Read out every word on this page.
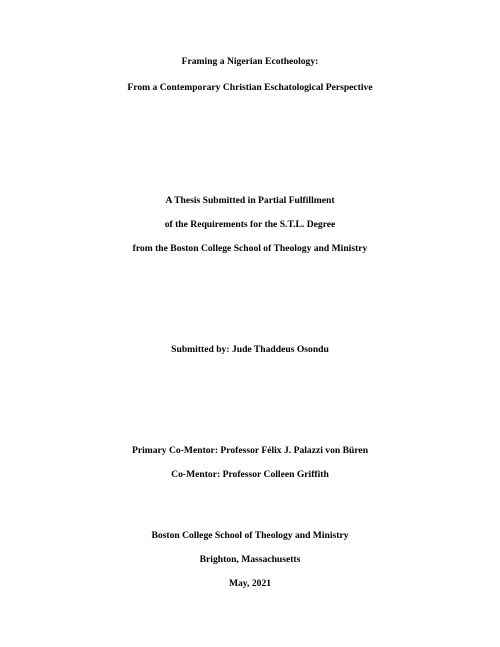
Framing a Nigerian Ecotheology:
From a Contemporary Christian Eschatological Perspective
A Thesis Submitted in Partial Fulfillment
of the Requirements for the S.T.L. Degree
from the Boston College School of Theology and Ministry
Submitted by: Jude Thaddeus Osondu
Primary Co-Mentor: Professor Félix J. Palazzi von Büren
Co-Mentor: Professor Colleen Griffith
Boston College School of Theology and Ministry
Brighton, Massachusetts
May, 2021
